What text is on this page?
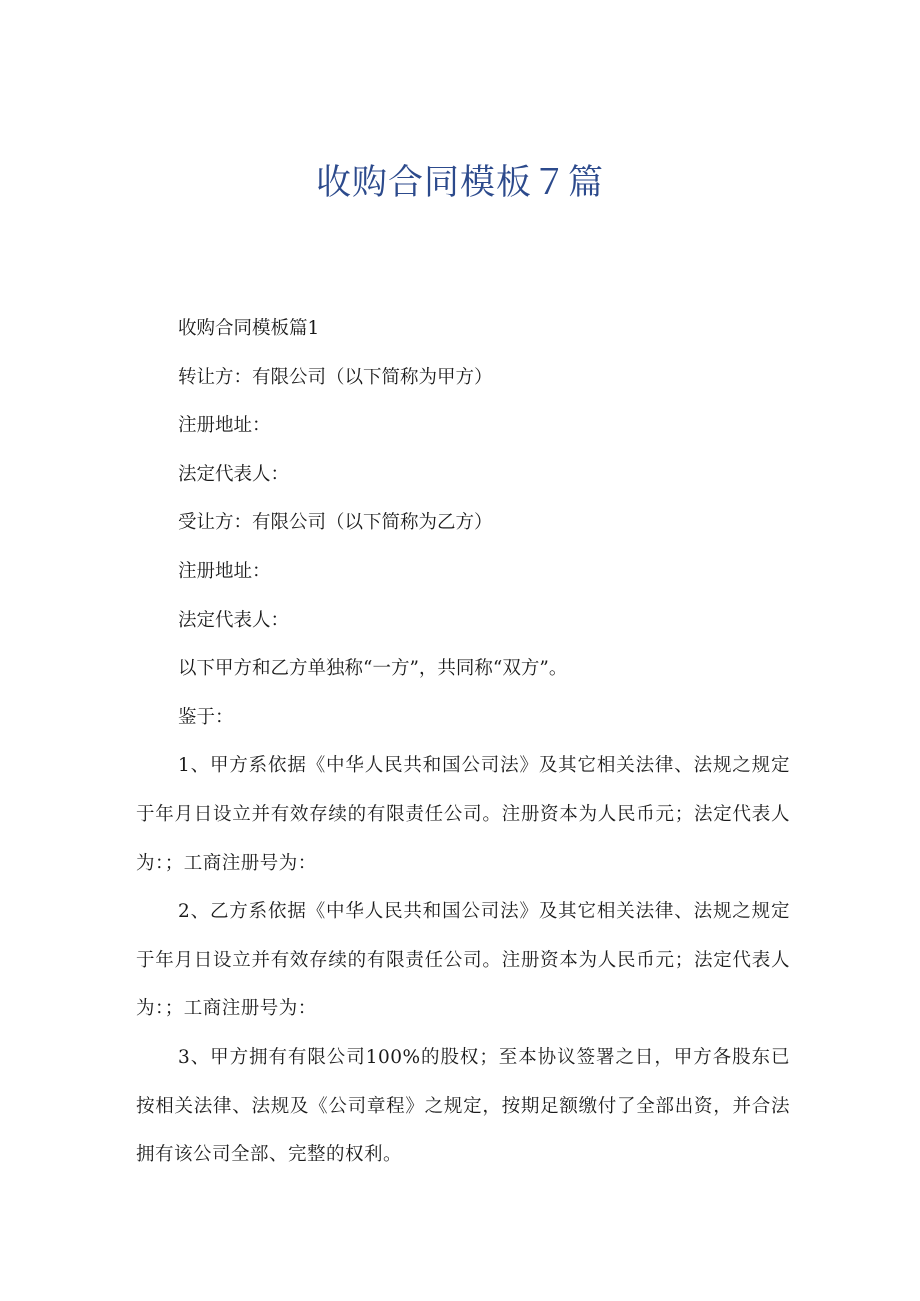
收购合同模板７篇
收购合同模板篇1
转让方：有限公司（以下简称为甲方）
注册地址：
法定代表人：
受让方：有限公司（以下简称为乙方）
注册地址：
法定代表人：
以下甲方和乙方单独称“一方”，共同称“双方”。
鉴于：
1、甲方系依据《中华人民共和国公司法》及其它相关法律、法规之规定于年月日设立并有效存续的有限责任公司。注册资本为人民币元；法定代表人为：；工商注册号为：
2、乙方系依据《中华人民共和国公司法》及其它相关法律、法规之规定于年月日设立并有效存续的有限责任公司。注册资本为人民币元；法定代表人为：；工商注册号为：
3、甲方拥有有限公司100%的股权；至本协议签署之日，甲方各股东已按相关法律、法规及《公司章程》之规定，按期足额缴付了全部出资，并合法拥有该公司全部、完整的权利。
